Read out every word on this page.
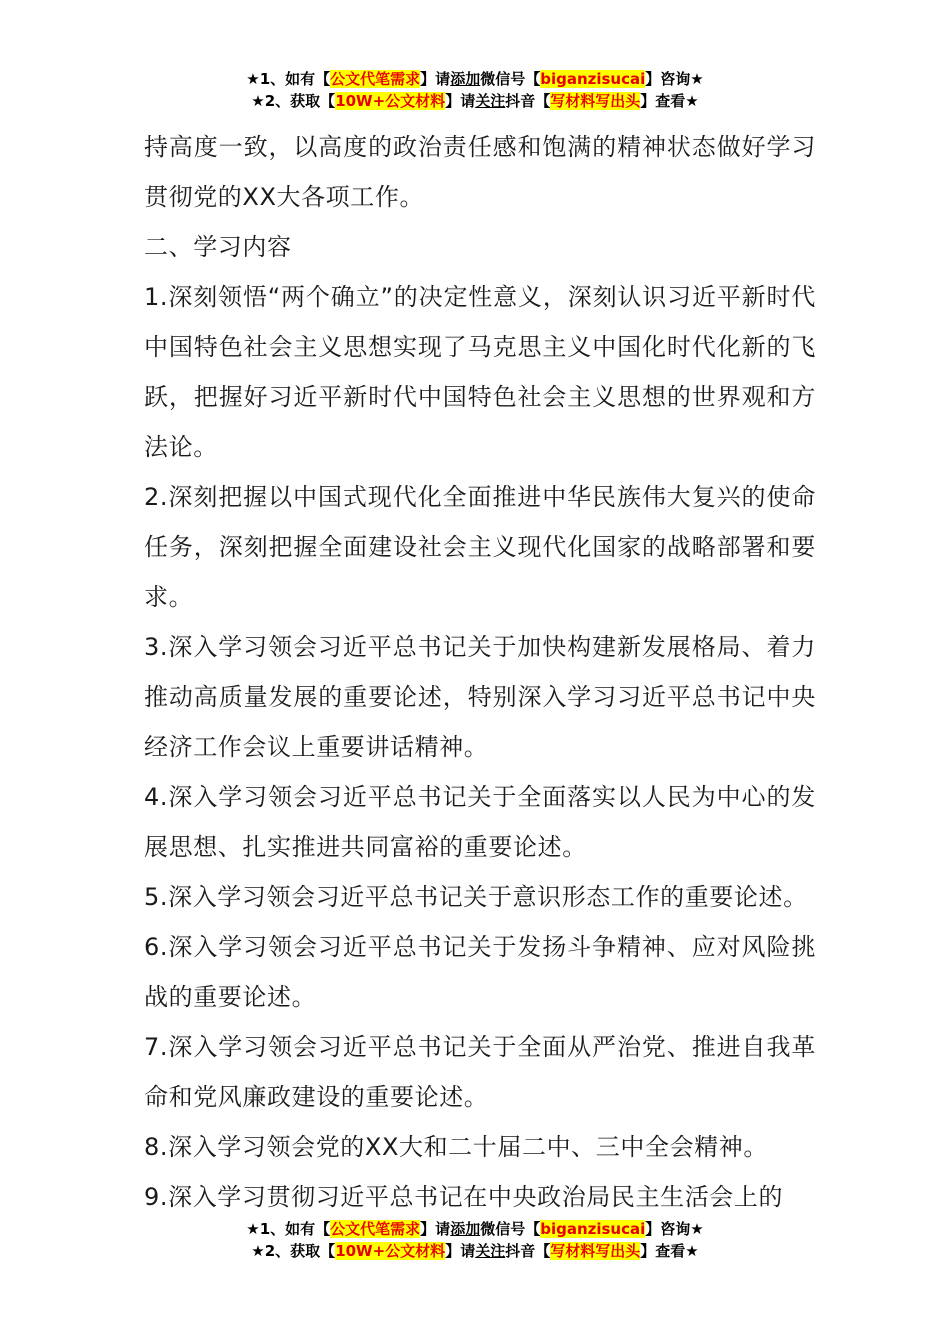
★1、如有【公文代笔需求】请添加微信号【biganzisucai】咨询★
★2、获取【10W+公文材料】请关注抖音【写材料写出头】查看★

持高度一致，以高度的政治责任感和饱满的精神状态做好学习贯彻党的XX大各项工作。

二、学习内容

1.深刻领悟“两个确立”的决定性意义，深刻认识习近平新时代中国特色社会主义思想实现了马克思主义中国化时代化新的飞跃，把握好习近平新时代中国特色社会主义思想的世界观和方法论。

2.深刻把握以中国式现代化全面推进中华民族伟大复兴的使命任务，深刻把握全面建设社会主义现代化国家的战略部署和要求。

3.深入学习领会习近平总书记关于加快构建新发展格局、着力推动高质量发展的重要论述，特别深入学习习近平总书记中央经济工作会议上重要讲话精神。

4.深入学习领会习近平总书记关于全面落实以人民为中心的发展思想、扎实推进共同富裕的重要论述。

5.深入学习领会习近平总书记关于意识形态工作的重要论述。

6.深入学习领会习近平总书记关于发扬斗争精神、应对风险挑战的重要论述。

7.深入学习领会习近平总书记关于全面从严治党、推进自我革命和党风廉政建设的重要论述。

8.深入学习领会党的XX大和二十届二中、三中全会精神。

9.深入学习贯彻习近平总书记在中央政治局民主生活会上的

★1、如有【公文代笔需求】请添加微信号【biganzisucai】咨询★
★2、获取【10W+公文材料】请关注抖音【写材料写出头】查看★
